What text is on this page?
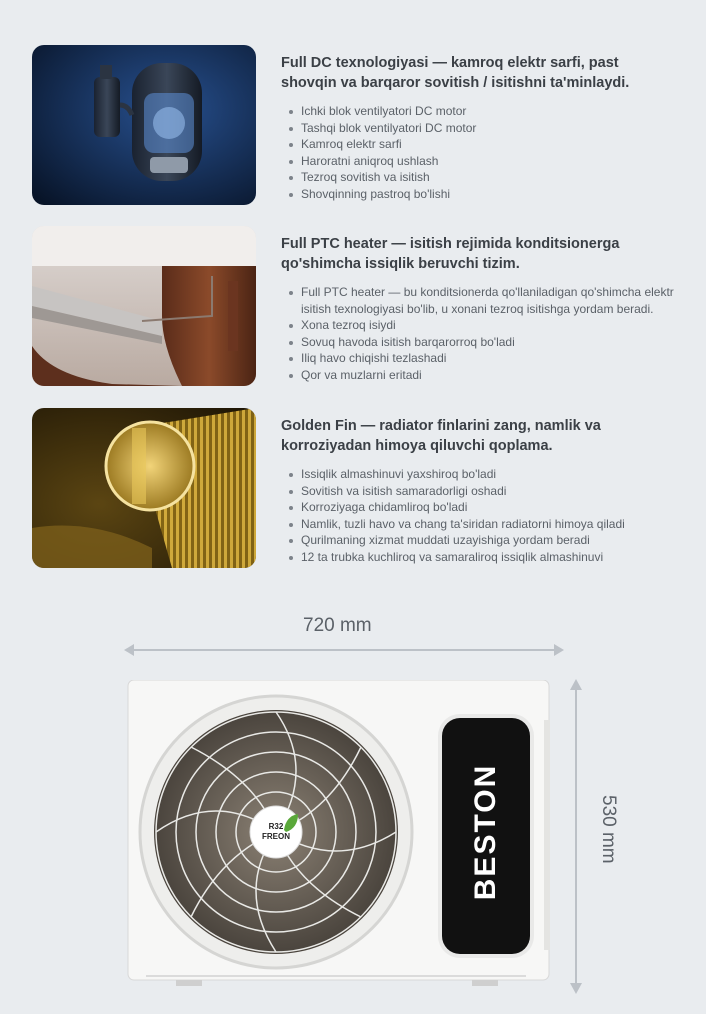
Full DC texnologiyasi — kamroq elektr sarfi, past shovqin va barqaror sovitish / isitishni ta'minlaydi.
Ichki blok ventilyatori DC motor
Tashqi blok ventilyatori DC motor
Kamroq elektr sarfi
Haroratni aniqroq ushlash
Tezroq sovitish va isitish
Shovqinning pastroq bo'lishi
Full PTC heater — isitish rejimida konditsionerga qo'shimcha issiqlik beruvchi tizim.
Full PTC heater — bu konditsionerda qo'llaniladigan qo'shimcha elektr isitish texnologiyasi bo'lib, u xonani tezroq isitishga yordam beradi.
Xona tezroq isiydi
Sovuq havoda isitish barqarorroq bo'ladi
Iliq havo chiqishi tezlashadi
Qor va muzlarni eritadi
Golden Fin — radiator finlarini zang, namlik va korroziyadan himoya qiluvchi qoplama.
Issiqlik almashinuvi yaxshiroq bo'ladi
Sovitish va isitish samaradorligi oshadi
Korroziyaga chidamliroq bo'ladi
Namlik, tuzli havo va chang ta'siridan radiatorni himoya qiladi
Qurilmaning xizmat muddati uzayishiga yordam beradi
12 ta trubka kuchliroq va samaraliroq issiqlik almashinuvi
720 mm
530 mm
R32
FREON	BESTON
